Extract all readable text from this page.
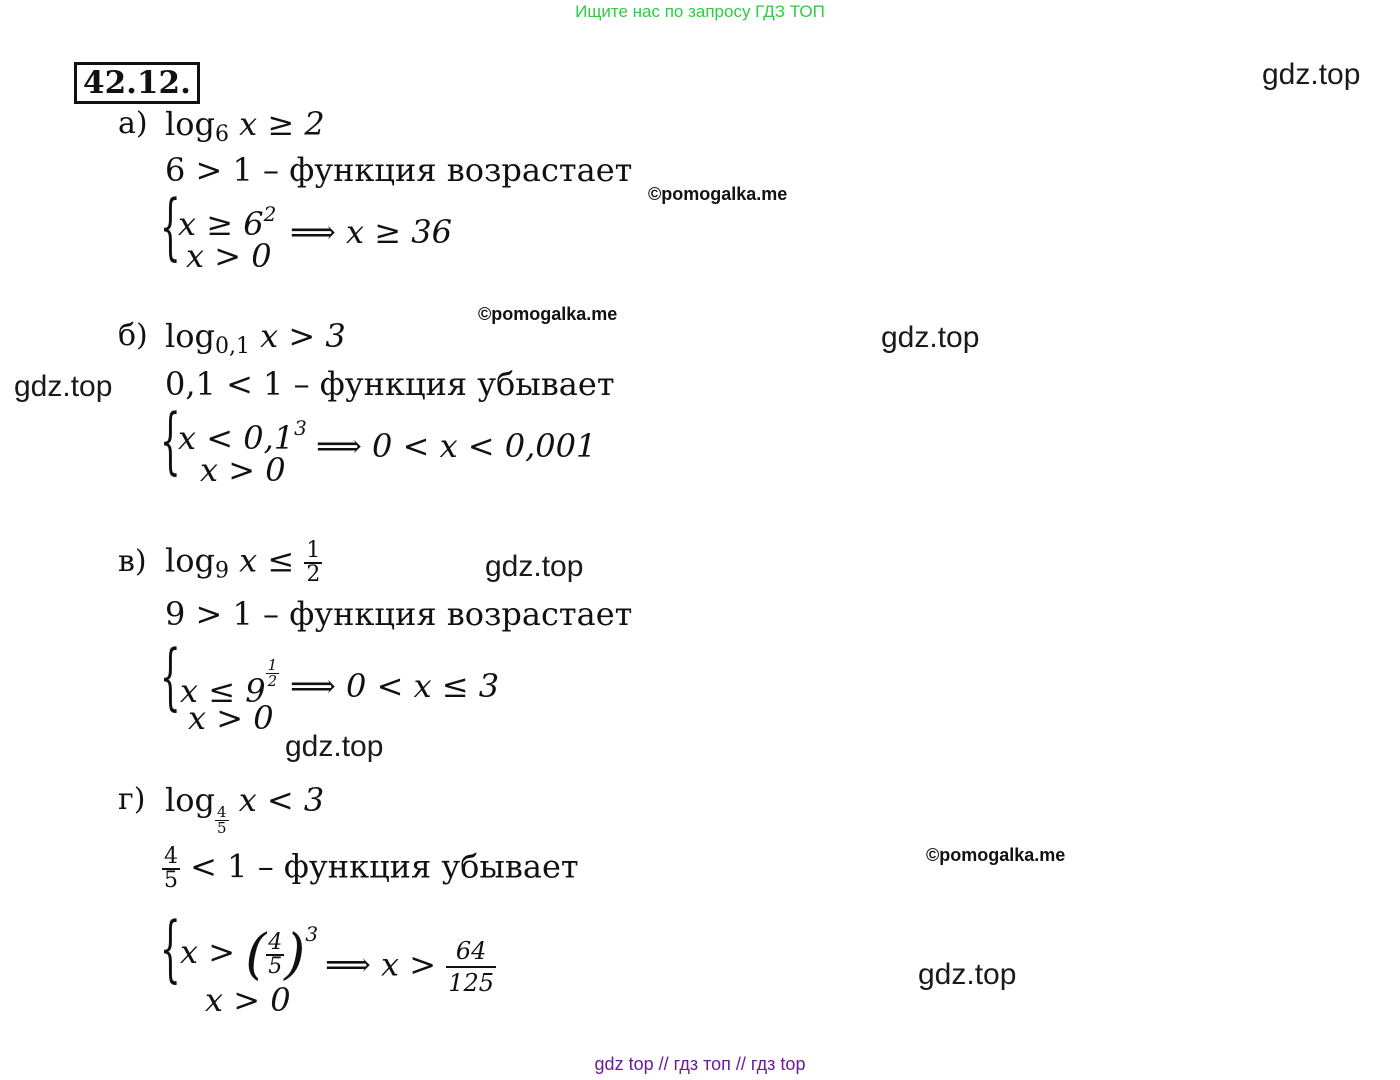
Ищите нас по запросу ГДЗ ТОП
42.12.	gdz.top
gdz.top
gdz.top
gdz.top
gdz.top
gdz.top
©pomogalka.me
©pomogalka.me
©pomogalka.me
а) $\log_6 x \ge 2$
6 > 1 – функция возрастает
{
$x \ge 6^2$
x > 0
⟹ x ≥ 36
б) $\log_{0,1} x > 3$
0,1 < 1 – функция убывает
{
$x < 0,1^3$
x > 0
⟹ 0 < x < 0,001
в) $\log_9 x \le \frac{1}{2}$
9 > 1 – функция возрастает
{ $x \le 9 \frac{1}{2}$
x > 0
⟹ 0 < x ≤ 3
г) log
$\frac{4}{5}$
x < 3
$\frac{4}{5} < 1$ – функция убывает
{ x > ( $\frac{4}{5} )^3$
x > 0
⟹ $x > \frac{64}{125}$
gdz top // гдз топ // гдз top
